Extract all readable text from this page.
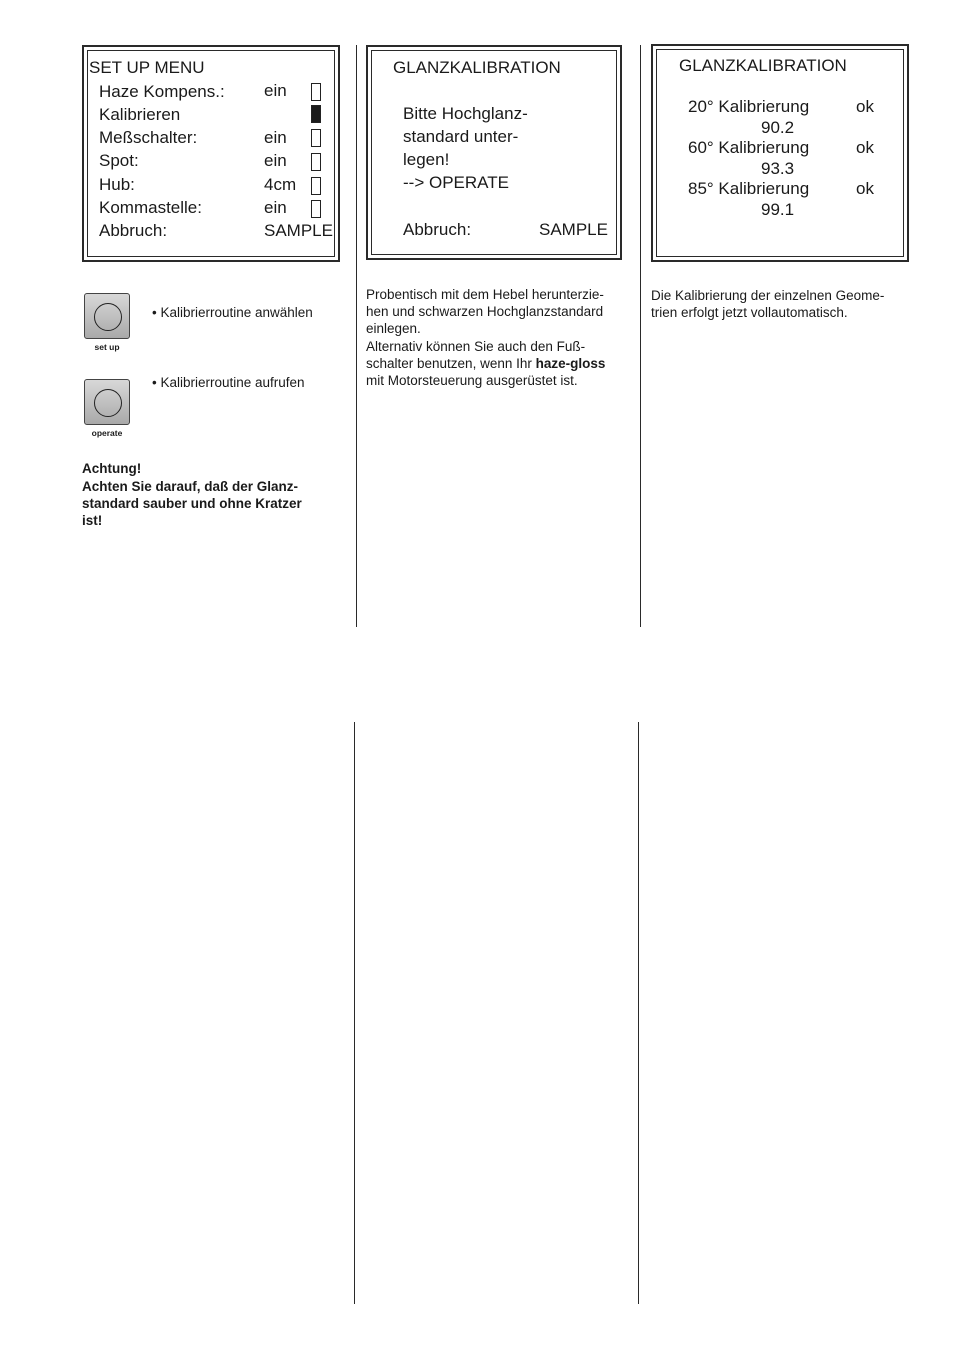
SET UP MENU
Haze Kompens.: ein
Kalibrieren
Meßschalter:	ein
Spot:	ein
Hub:	4cm
Kommastelle:	ein
Abbruch:	SAMPLE
GLANZKALIBRATION
Bitte Hochglanz-
standard unter-
legen!
--> OPERATE
Abbruch:	SAMPLE
GLANZKALIBRATION
20° Kalibrierung	ok
90.2
60° Kalibrierung	ok
93.3
85° Kalibrierung	ok
99.1
set up
• Kalibrierroutine anwählen
operate
• Kalibrierroutine aufrufen
Achtung!
Achten Sie darauf, daß der Glanz-
standard sauber und ohne Kratzer
ist!
Probentisch mit dem Hebel herunterzie-
hen und schwarzen Hochglanzstandard
einlegen.
Alternativ können Sie auch den Fuß-
schalter benutzen, wenn Ihr haze-gloss
mit Motorsteuerung ausgerüstet ist.
Die Kalibrierung der einzelnen Geome-
trien erfolgt jetzt vollautomatisch.
